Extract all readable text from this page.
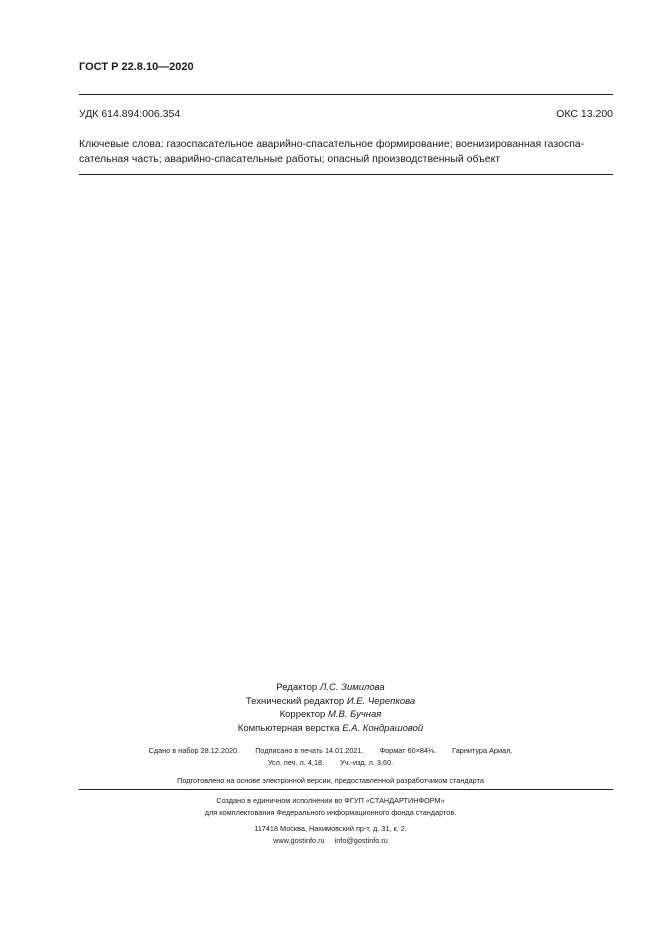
ГОСТ Р 22.8.10—2020
УДК 614.894:006.354	ОКС 13.200
Ключевые слова: газоспасательное аварийно-спасательное формирование; военизированная газоспа-
сательная часть; аварийно-спасательные работы; опасный производственный объект
Редактор Л.С. Зимилова
Технический редактор И.Е. Черепкова
Корректор М.В. Бучная
Компьютерная верстка Е.А. Кондрашовой
Сдано в набор 28.12.2020. Подписано в печать 14.01.2021. Формат 60×84⅛. Гарнитура Ариал.
Усл. печ. л. 4,18. Уч.-изд. л. 3,60.
Подготовлено на основе электронной версии, предоставленной разработчиком стандарта
Создано в единичном исполнении во ФГУП «СТАНДАРТИНФОРМ»
для комплектования Федерального информационного фонда стандартов.
117418 Москва, Нахимовский пр-т, д. 31, к. 2.
www.gostinfo.ru info@gostinfo.ru
